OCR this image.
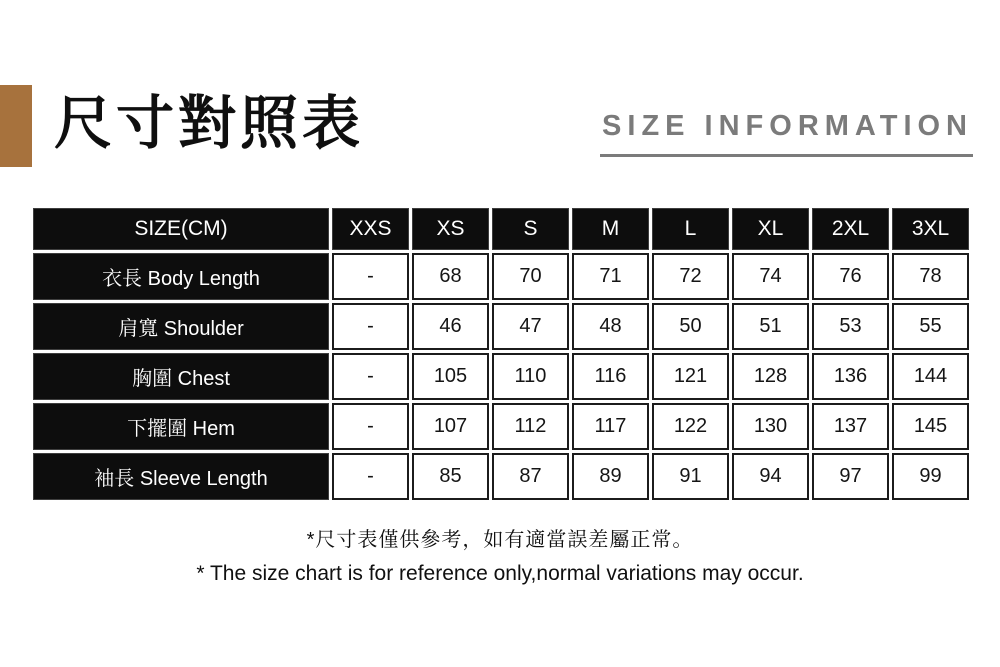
尺寸對照表	SIZE INFORMATION
SIZE(CM)	XXS	XS	S	M	L	XL	2XL	3XL
衣長 Body Length	-	68	70	71	72	74	76	78
肩寬 Shoulder	-	46	47	48	50	51	53	55
胸圍 Chest	-	105	110	116	121	128	136	144
下擺圍 Hem	-	107	112	117	122	130	137	145
袖長 Sleeve Length	-	85	87	89	91	94	97	99
*尺寸表僅供參考，如有適當誤差屬正常。
* The size chart is for reference only,normal variations may occur.
